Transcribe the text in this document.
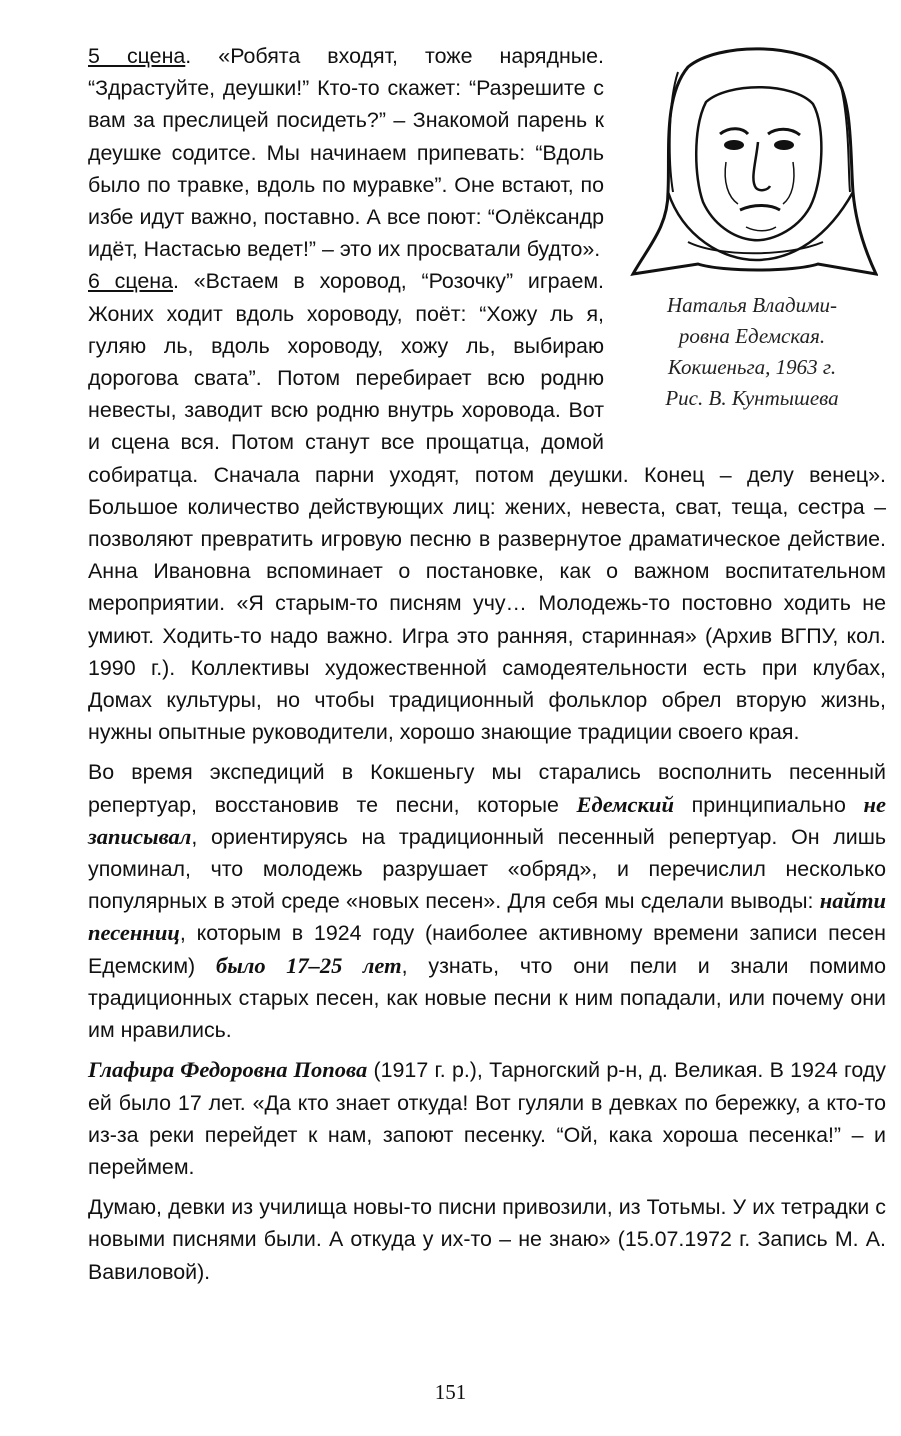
Наталья Владими-
ровна Едемская.
Кокшеньга, 1963 г.
Рис. В. Кунтышева

5 сцена. «Робята входят, тоже нарядные. “Здрастуйте, деушки!” Кто-то скажет: “Разрешите с вам за преслицей посидеть?” – Знакомой парень к деушке содитсе. Мы начинаем припевать: “Вдоль было по травке, вдоль по муравке”. Оне встают, по избе идут важно, поставно. А все поют: “Олёксандр идёт, Настасью ведет!” – это их просватали будто».

6 сцена. «Встаем в хоровод, “Розочку” играем. Жоних ходит вдоль хороводу, поёт: “Хожу ль я, гуляю ль, вдоль хороводу, хожу ль, выбираю дорогова свата”. Потом перебирает всю родню невесты, заводит всю родню внутрь хоровода. Вот и сцена вся. Потом станут все прощатца, домой собиратца. Сначала парни уходят, потом деушки. Конец – делу венец». Большое количество действующих лиц: жених, невеста, сват, теща, сестра – позволяют превратить игровую песню в развернутое драматическое действие. Анна Ивановна вспоминает о постановке, как о важном воспитательном мероприятии. «Я старым-то писням учу… Молодежь-то постовно ходить не умиют. Ходить-то надо важно. Игра это ранняя, старинная» (Архив ВГПУ, кол. 1990 г.). Коллективы художественной самодеятельности есть при клубах, Домах культуры, но чтобы традиционный фольклор обрел вторую жизнь, нужны опытные руководители, хорошо знающие традиции своего края.

Во время экспедиций в Кокшеньгу мы старались восполнить песенный репертуар, восстановив те песни, которые Едемский принципиально не записывал, ориентируясь на традиционный песенный репертуар. Он лишь упоминал, что молодежь разрушает «обряд», и перечислил несколько популярных в этой среде «новых песен». Для себя мы сделали выводы: найти песенниц, которым в 1924 году (наиболее активному времени записи песен Едемским) было 17–25 лет, узнать, что они пели и знали помимо традиционных старых песен, как новые песни к ним попадали, или почему они им нравились.

Глафира Федоровна Попова (1917 г. р.), Тарногский р-н, д. Великая. В 1924 году ей было 17 лет. «Да кто знает откуда! Вот гуляли в девках по бережку, а кто-то из-за реки перейдет к нам, запоют песенку. “Ой, кака хороша песенка!” – и переймем.

Думаю, девки из училища новы-то писни привозили, из Тотьмы. У их тетрадки с новыми писнями были. А откуда у их-то – не знаю» (15.07.1972 г. Запись М. А. Вавиловой).

151
